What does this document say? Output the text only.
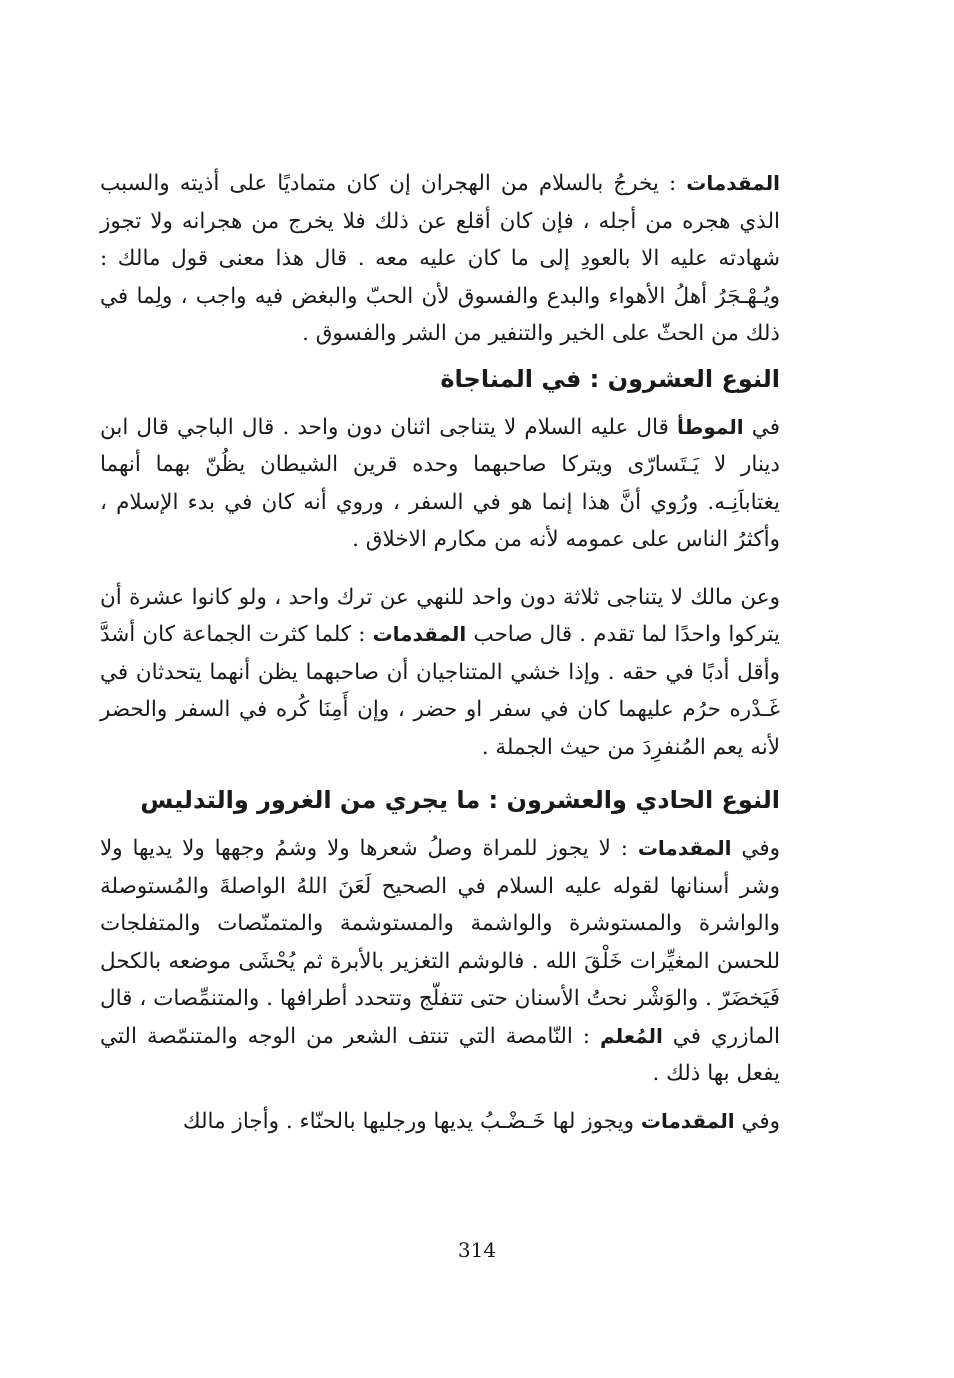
المقدمات : يخرجُ بالسلام من الهجران إن كان متماديًا على أذيته والسبب الذي هجره من أجله ، فإن كان أقلع عن ذلك فلا يخرج من هجرانه ولا تجوز شهادته عليه الا بالعودِ إلى ما كان عليه معه . قال هذا معنى قول مالك : ويُـهْـجَرُ أهلُ الأهواء والبدع والفسوق لأن الحبّ والبغض فيه واجب ، ولِما في ذلك من الحثّ على الخير والتنفير من الشر والفسوق .

النوع العشرون : في المناجاة

في الموطأ قال عليه السلام لا يتناجى اثنان دون واحد . قال الباجي قال ابن دينار لا يَـتَسارّى ويتركا صاحبهما وحده قرين الشيطان يظُنّ بهما أنهما يغتاباَنِـه. ورُوي أنَّ هذا إنما هو في السفر ، وروي أنه كان في بدء الإسلام ، وأكثرُ الناس على عمومه لأنه من مكارم الاخلاق .

وعن مالك لا يتناجى ثلاثة دون واحد للنهي عن ترك واحد ، ولو كانوا عشرة أن يتركوا واحدًا لما تقدم . قال صاحب المقدمات : كلما كثرت الجماعة كان أشدَّ وأقل أدبًا في حقه . وإذا خشي المتناجيان أن صاحبهما يظن أنهما يتحدثان في غَـدْره حرُم عليهما كان في سفر او حضر ، وإن أَمِنَا كُره في السفر والحضر لأنه يعم المُنفرِدَ من حيث الجملة .

النوع الحادي والعشرون : ما يجري من الغرور والتدليس

وفي المقدمات : لا يجوز للمراة وصلُ شعرها ولا وشمُ وجهها ولا يديها ولا وشر أسنانها لقوله عليه السلام في الصحيح لَعَنَ اللهُ الواصلةَ والمُستوصلة والواشرة والمستوشرة والواشمة والمستوشمة والمتمنّصات والمتفلجات للحسن المغيِّرات خَلْقَ الله . فالوشم التغزير بالأبرة ثم يُحْشَى موضعه بالكحل فَيَخضَرّ . والوَشْر نحتُ الأسنان حتى تتفلّج وتتحدد أطرافها . والمتنمِّصات ، قال المازري في المُعلم : النّامصة التي تنتف الشعر من الوجه والمتنمّصة التي يفعل بها ذلك .

وفي المقدمات ويجوز لها خَـضْـبُ يديها ورجليها بالحنّاء . وأجاز مالك

314
